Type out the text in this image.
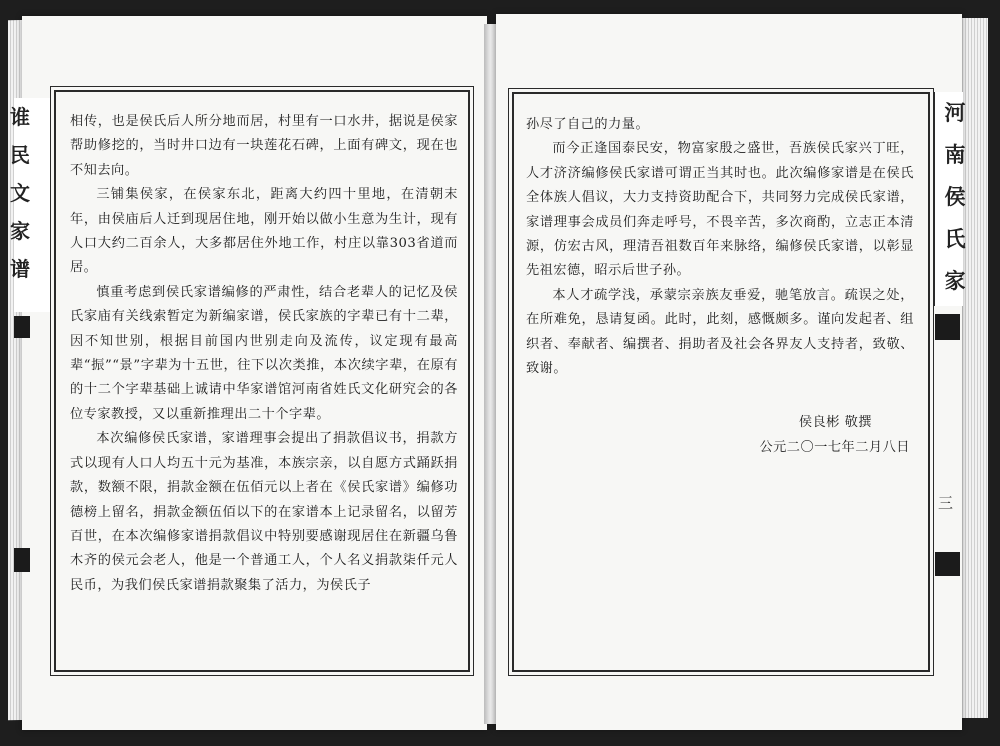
相传，也是侯氏后人所分地而居，村里有一口水井，据说是侯家帮助修挖的，当时井口边有一块莲花石碑，上面有碑文，现在也不知去向。

三铺集侯家，在侯家东北，距离大约四十里地，在清朝末年，由侯庙后人迁到现居住地，刚开始以做小生意为生计，现有人口大约二百余人，大多都居住外地工作，村庄以靠303省道而居。

慎重考虑到侯氏家谱编修的严肃性，结合老辈人的记忆及侯氏家庙有关线索暂定为新编家谱，侯氏家族的字辈已有十二辈，因不知世别，根据目前国内世别走向及流传，议定现有最高辈“振”“景”字辈为十五世，往下以次类推，本次续字辈，在原有的十二个字辈基础上诚请中华家谱馆河南省姓氏文化研究会的各位专家教授，又以重新推理出二十个字辈。

本次编修侯氏家谱，家谱理事会提出了捐款倡议书，捐款方式以现有人口人均五十元为基准，本族宗亲，以自愿方式踊跃捐款，数额不限，捐款金额在伍佰元以上者在《侯氏家谱》编修功德榜上留名，捐款金额伍佰以下的在家谱本上记录留名，以留芳百世，在本次编修家谱捐款倡议中特别要感谢现居住在新疆乌鲁木齐的侯元会老人，他是一个普通工人，个人名义捐款柒仟元人民币，为我们侯氏家谱捐款聚集了活力，为侯氏子

孙尽了自己的力量。

而今正逢国泰民安，物富家殷之盛世，吾族侯氏家兴丁旺，人才济济编修侯氏家谱可谓正当其时也。此次编修家谱是在侯氏全体族人倡议，大力支持资助配合下，共同努力完成侯氏家谱，家谱理事会成员们奔走呼号，不畏辛苦，多次商酌，立志正本清源，仿宏古风，理清吾祖数百年来脉络，编修侯氏家谱，以彰显先祖宏德，昭示后世子孙。

本人才疏学浅，承蒙宗亲族友垂爱，驰笔放言。疏误之处，在所难免，恳请复函。此时，此刻，感慨颇多。谨向发起者、组织者、奉献者、编撰者、捐助者及社会各界友人支持者，致敬、致谢。

侯良彬 敬撰
公元二〇一七年二月八日
谁
民
文
家
谱
河
南
侯
氏
家
三
